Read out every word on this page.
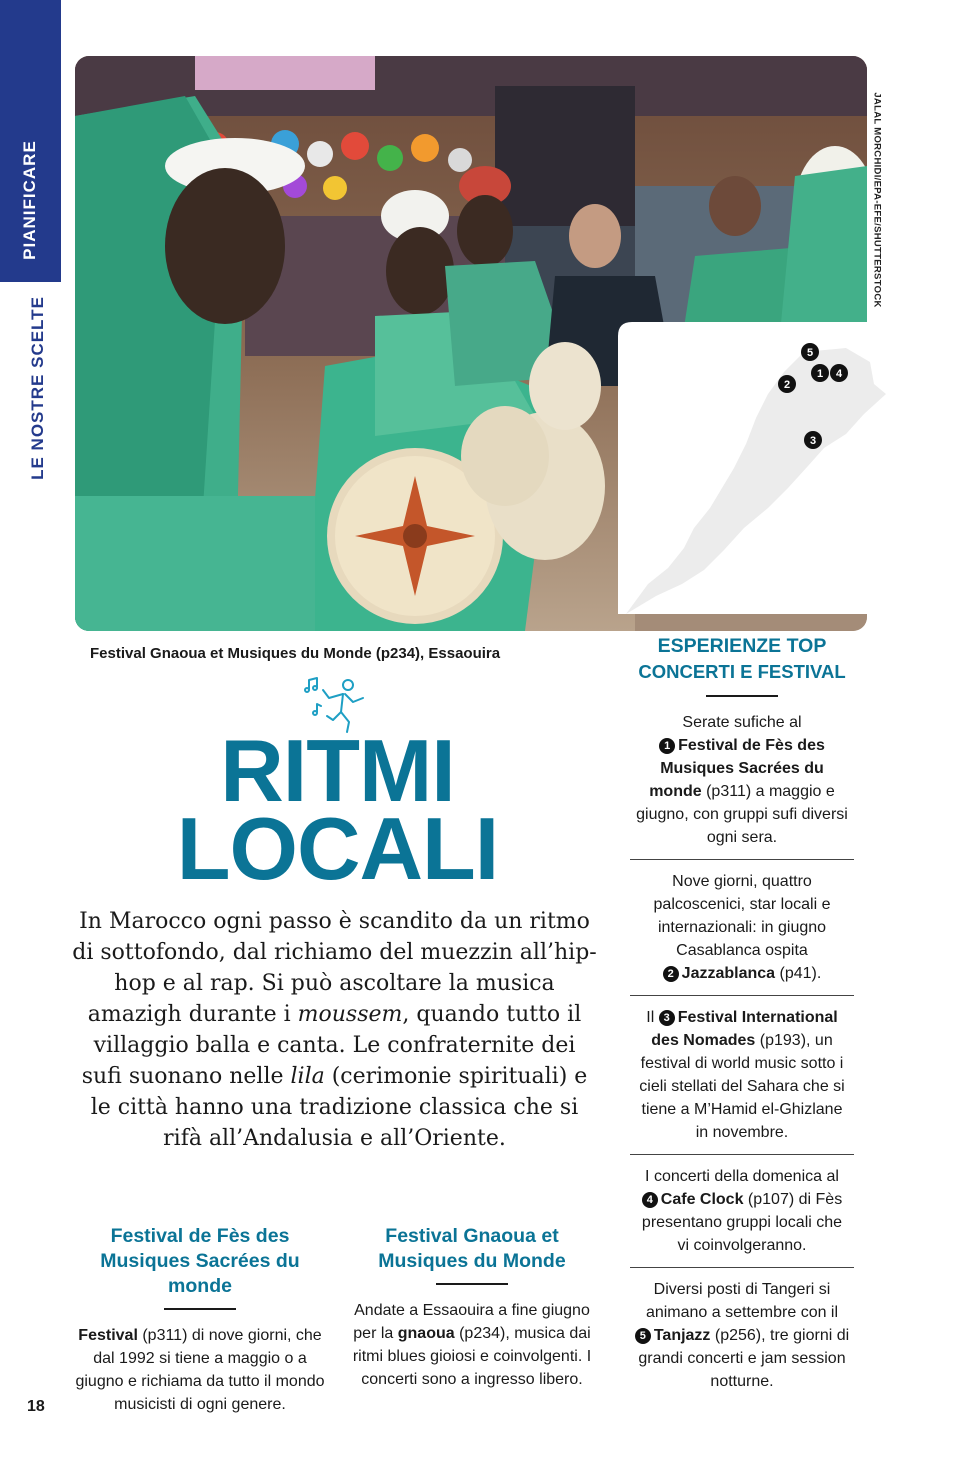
PIANIFICARE
LE NOSTRE SCELTE
JALAL MORCHIDI/EPA-EFE/SHUTTERSTOCK
5
2
1 4
3
Festival Gnaoua et Musiques du Monde (p234), Essaouira
RITMI
LOCALI
In Marocco ogni passo è scandito da un ritmo di sottofondo, dal richiamo del muezzin all’hip-hop e al rap. Si può ascoltare la musica amazigh durante i moussem, quando tutto il villaggio balla e canta. Le confraternite dei sufi suonano nelle lila (cerimonie spirituali) e le città hanno una tradizione classica che si rifà all’Andalusia e all’Oriente.
Festival de Fès des Musiques Sacrées du monde

Festival (p311) di nove giorni, che dal 1992 si tiene a maggio o a giugno e richiama da tutto il mondo musicisti di ogni genere.

Festival Gnaoua et Musiques du Monde

Andate a Essaouira a fine giugno per la gnaoua (p234), musica dai ritmi blues gioiosi e coinvolgenti. I concerti sono a ingresso libero.

18
ESPERIENZE TOP
CONCERTI E FESTIVAL
Serate sufiche al
1 Festival de Fès des Musiques Sacrées du monde (p311) a maggio e giugno, con gruppi sufi diversi ogni sera.
Nove giorni, quattro palcoscenici, star locali e internazionali: in giugno Casablanca ospita
2 Jazzablanca (p41).
Il 3 Festival International des Nomades (p193), un festival di world music sotto i cieli stellati del Sahara che si tiene a M’Hamid el-Ghizlane in novembre.
I concerti della domenica al
4 Cafe Clock (p107) di Fès presentano gruppi locali che vi coinvolgeranno.
Diversi posti di Tangeri si animano a settembre con il
5 Tanjazz (p256), tre giorni di grandi concerti e jam session notturne.
